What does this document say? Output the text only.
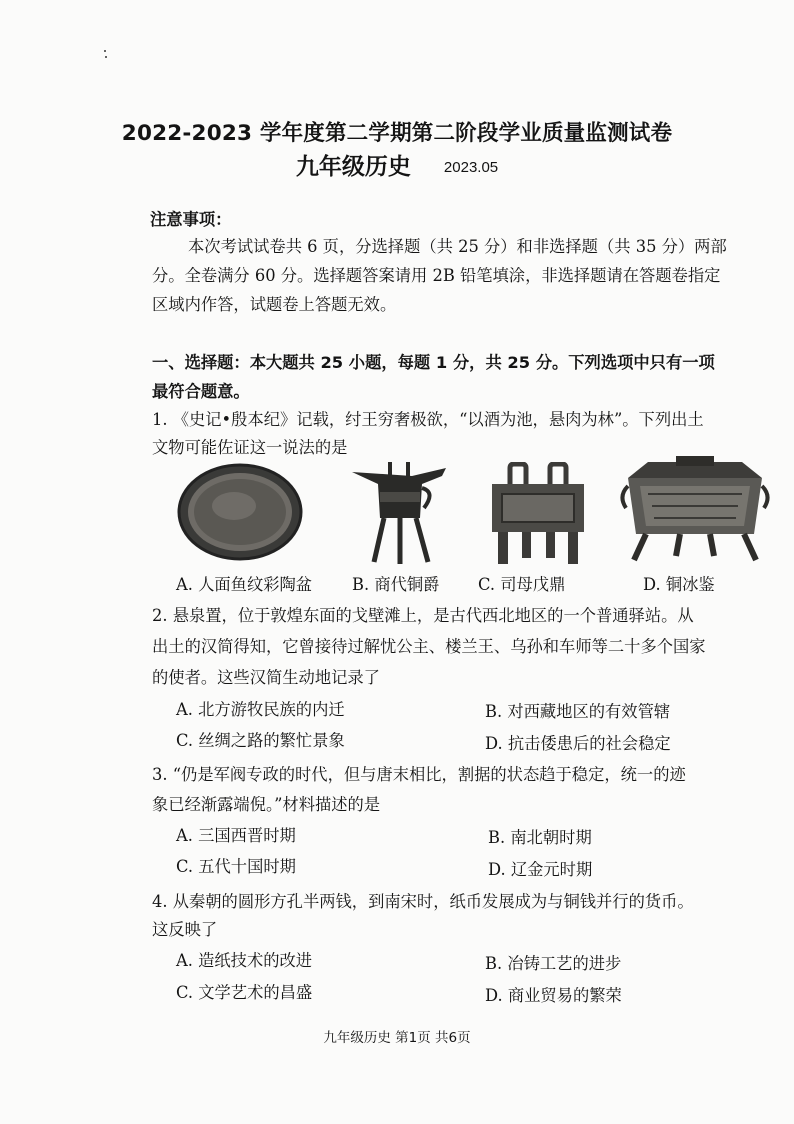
2022-2023 学年度第二学期第二阶段学业质量监测试卷
九年级历史 2023.05
注意事项：
本次考试试卷共 6 页，分选择题（共 25 分）和非选择题（共 35 分）两部
分。全卷满分 60 分。选择题答案请用 2B 铅笔填涂，非选择题请在答题卷指定
区域内作答，试题卷上答题无效。
一、选择题：本大题共 25 小题，每题 1 分，共 25 分。下列选项中只有一项
最符合题意。
1. 《史记•殷本纪》记载，纣王穷奢极欲，“以酒为池，悬肉为林”。下列出土
文物可能佐证这一说法的是
A. 人面鱼纹彩陶盆 B. 商代铜爵 C. 司母戊鼎	D. 铜冰鉴
2. 悬泉置，位于敦煌东面的戈壁滩上，是古代西北地区的一个普通驿站。从
出土的汉简得知，它曾接待过解忧公主、楼兰王、乌孙和车师等二十多个国家
的使者。这些汉简生动地记录了
A. 北方游牧民族的内迁	B. 对西藏地区的有效管辖
C. 丝绸之路的繁忙景象	D. 抗击倭患后的社会稳定
3. “仍是军阀专政的时代，但与唐末相比，割据的状态趋于稳定，统一的迹
象已经渐露端倪。”材料描述的是
A. 三国西晋时期	B. 南北朝时期
C. 五代十国时期	D. 辽金元时期
4. 从秦朝的圆形方孔半两钱，到南宋时，纸币发展成为与铜钱并行的货币。
这反映了
A. 造纸技术的改进	B. 冶铸工艺的进步
C. 文学艺术的昌盛	D. 商业贸易的繁荣
九年级历史 第1页 共6页
